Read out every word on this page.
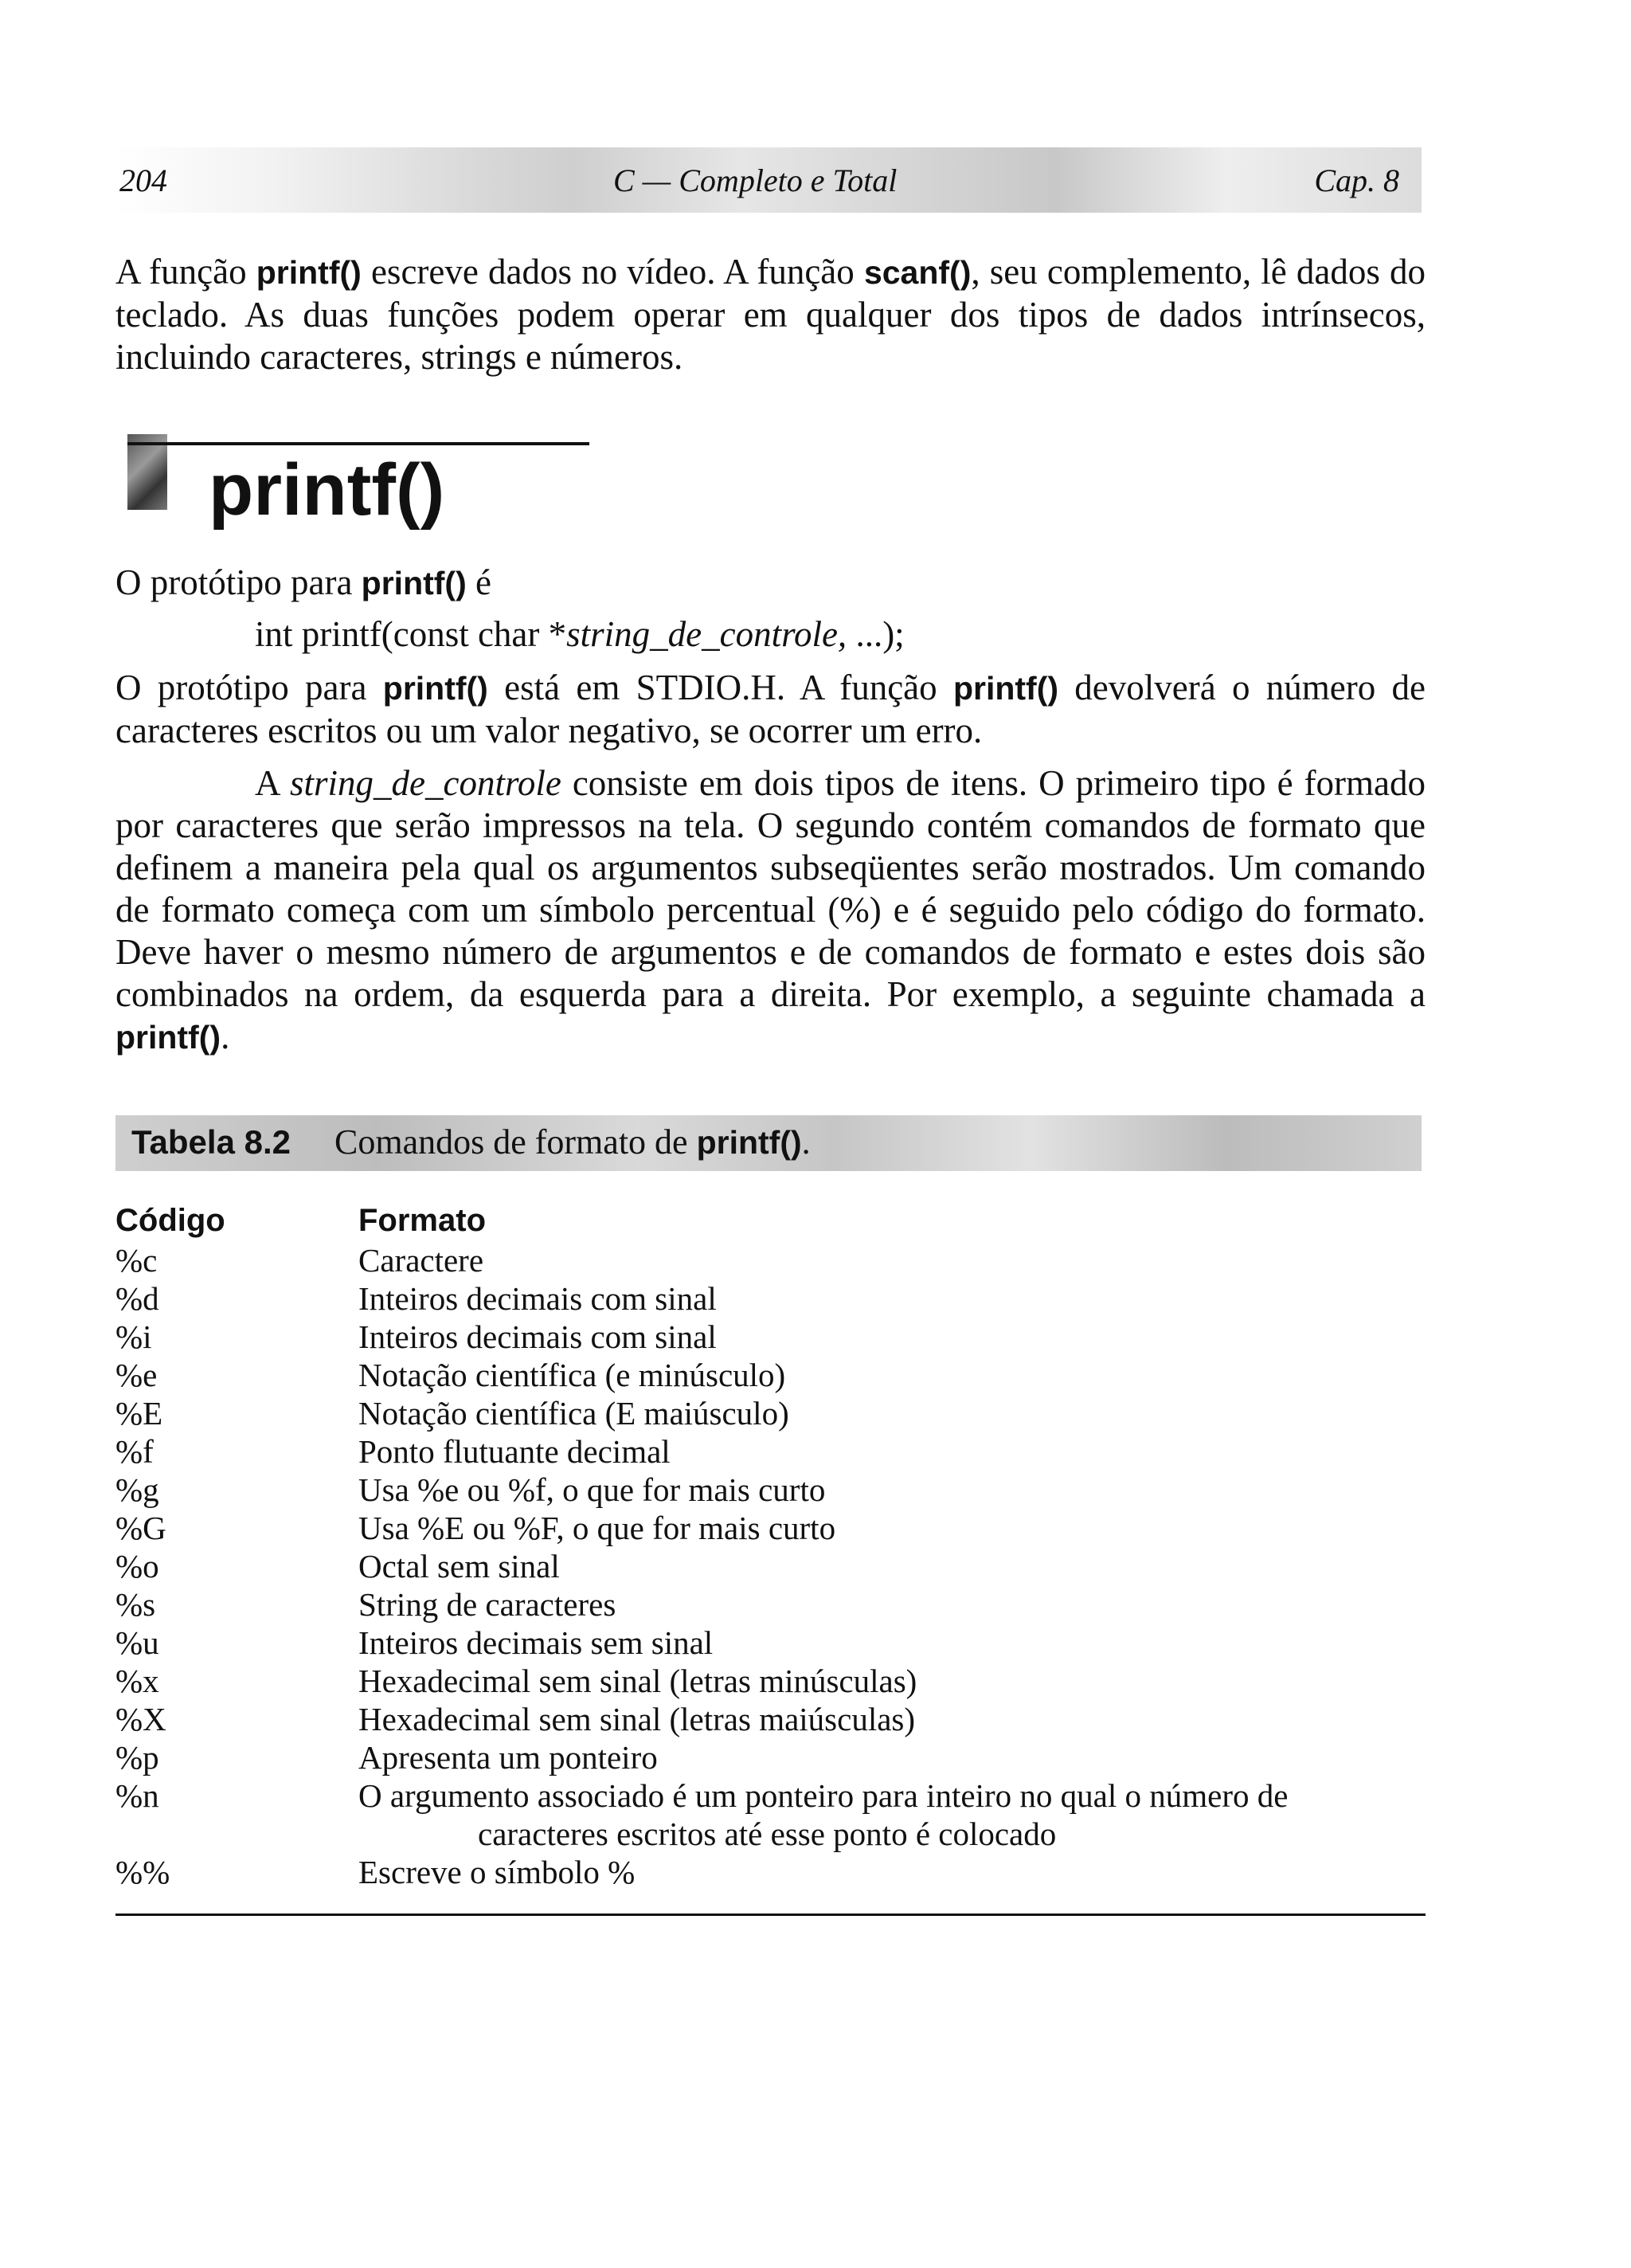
204	C — Completo e Total	Cap. 8

A função printf() escreve dados no vídeo. A função scanf(), seu complemento, lê dados do teclado. As duas funções podem operar em qualquer dos tipos de dados intrínsecos, incluindo caracteres, strings e números.

printf()

O protótipo para printf() é

int printf(const char *string_de_controle, ...);

O protótipo para printf() está em STDIO.H. A função printf() devolverá o número de caracteres escritos ou um valor negativo, se ocorrer um erro.

A string_de_controle consiste em dois tipos de itens. O primeiro tipo é formado por caracteres que serão impressos na tela. O segundo contém comandos de formato que definem a maneira pela qual os argumentos subseqüentes serão mostrados. Um comando de formato começa com um símbolo percentual (%) e é seguido pelo código do formato. Deve haver o mesmo número de argumentos e de comandos de formato e estes dois são combinados na ordem, da esquerda para a direita. Por exemplo, a seguinte chamada a printf().

Tabela 8.2 Comandos de formato de printf().
Código	Formato
%c	Caractere
%d	Inteiros decimais com sinal
%i	Inteiros decimais com sinal
%e	Notação científica (e minúsculo)
%E	Notação científica (E maiúsculo)
%f	Ponto flutuante decimal
%g	Usa %e ou %f, o que for mais curto
%G	Usa %E ou %F, o que for mais curto
%o	Octal sem sinal
%s	String de caracteres
%u	Inteiros decimais sem sinal
%x	Hexadecimal sem sinal (letras minúsculas)
%X	Hexadecimal sem sinal (letras maiúsculas)
%p	Apresenta um ponteiro
%n	O argumento associado é um ponteiro para inteiro no qual o número de
caracteres escritos até esse ponto é colocado
%%	Escreve o símbolo %
